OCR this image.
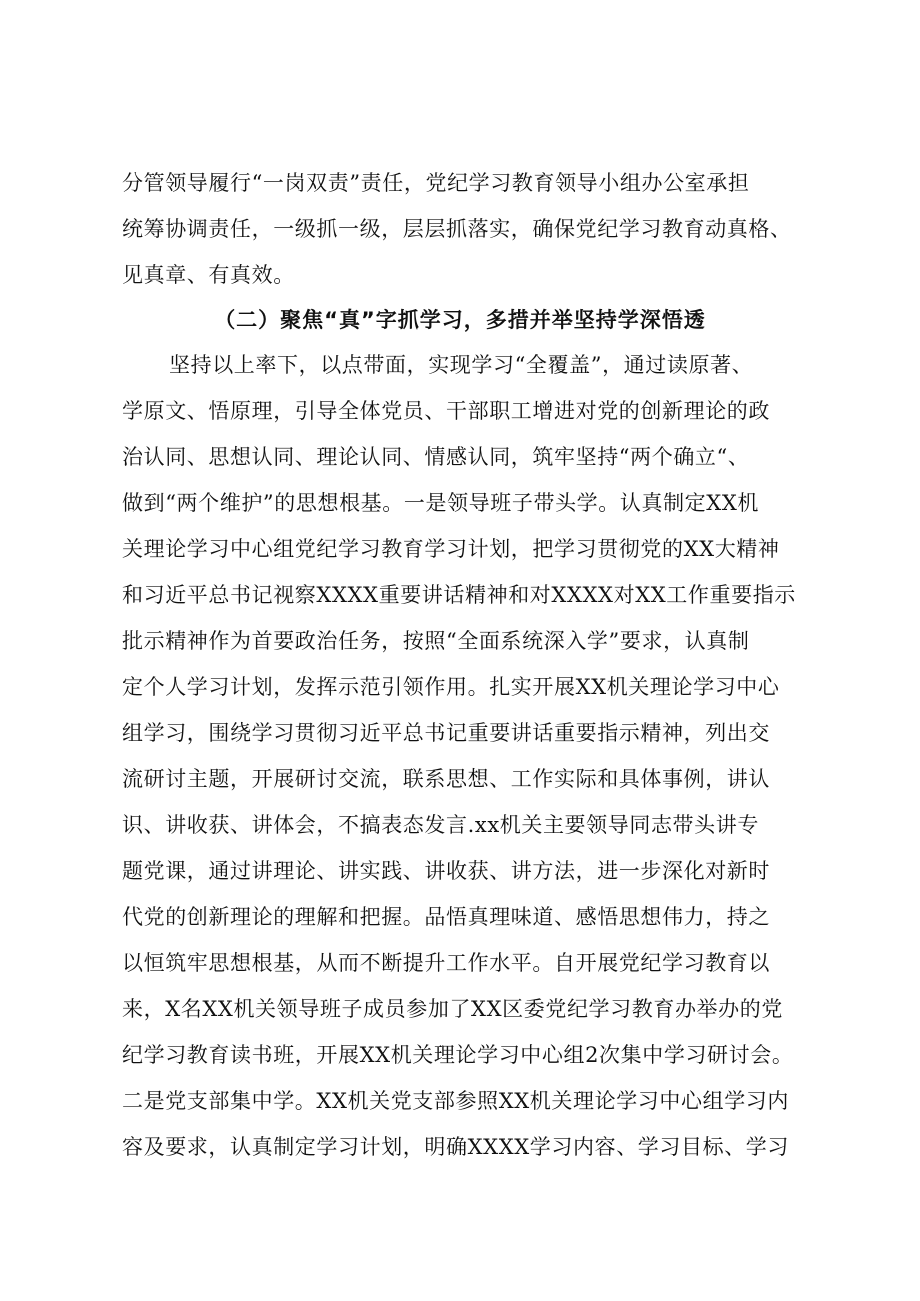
分管领导履行“一岗双责”责任，党纪学习教育领导小组办公室承担
统筹协调责任，一级抓一级，层层抓落实，确保党纪学习教育动真格、
见真章、有真效。
（二）聚焦“真”字抓学习，多措并举坚持学深悟透
坚持以上率下，以点带面，实现学习“全覆盖”，通过读原著、
学原文、悟原理，引导全体党员、干部职工增进对党的创新理论的政
治认同、思想认同、理论认同、情感认同，筑牢坚持“两个确立“、
做到“两个维护”的思想根基。一是领导班子带头学。认真制定XX机
关理论学习中心组党纪学习教育学习计划，把学习贯彻党的XX大精神
和习近平总书记视察XXXX重要讲话精神和对XXXX对XX工作重要指示
批示精神作为首要政治任务，按照“全面系统深入学”要求，认真制
定个人学习计划，发挥示范引领作用。扎实开展XX机关理论学习中心
组学习，围绕学习贯彻习近平总书记重要讲话重要指示精神，列出交
流研讨主题，开展研讨交流，联系思想、工作实际和具体事例，讲认
识、讲收获、讲体会，不搞表态发言.xx机关主要领导同志带头讲专
题党课，通过讲理论、讲实践、讲收获、讲方法，进一步深化对新时
代党的创新理论的理解和把握。品悟真理味道、感悟思想伟力，持之
以恒筑牢思想根基，从而不断提升工作水平。自开展党纪学习教育以
来，X名XX机关领导班子成员参加了XX区委党纪学习教育办举办的党
纪学习教育读书班，开展XX机关理论学习中心组2次集中学习研讨会。
二是党支部集中学。XX机关党支部参照XX机关理论学习中心组学习内
容及要求，认真制定学习计划，明确XXXX学习内容、学习目标、学习
